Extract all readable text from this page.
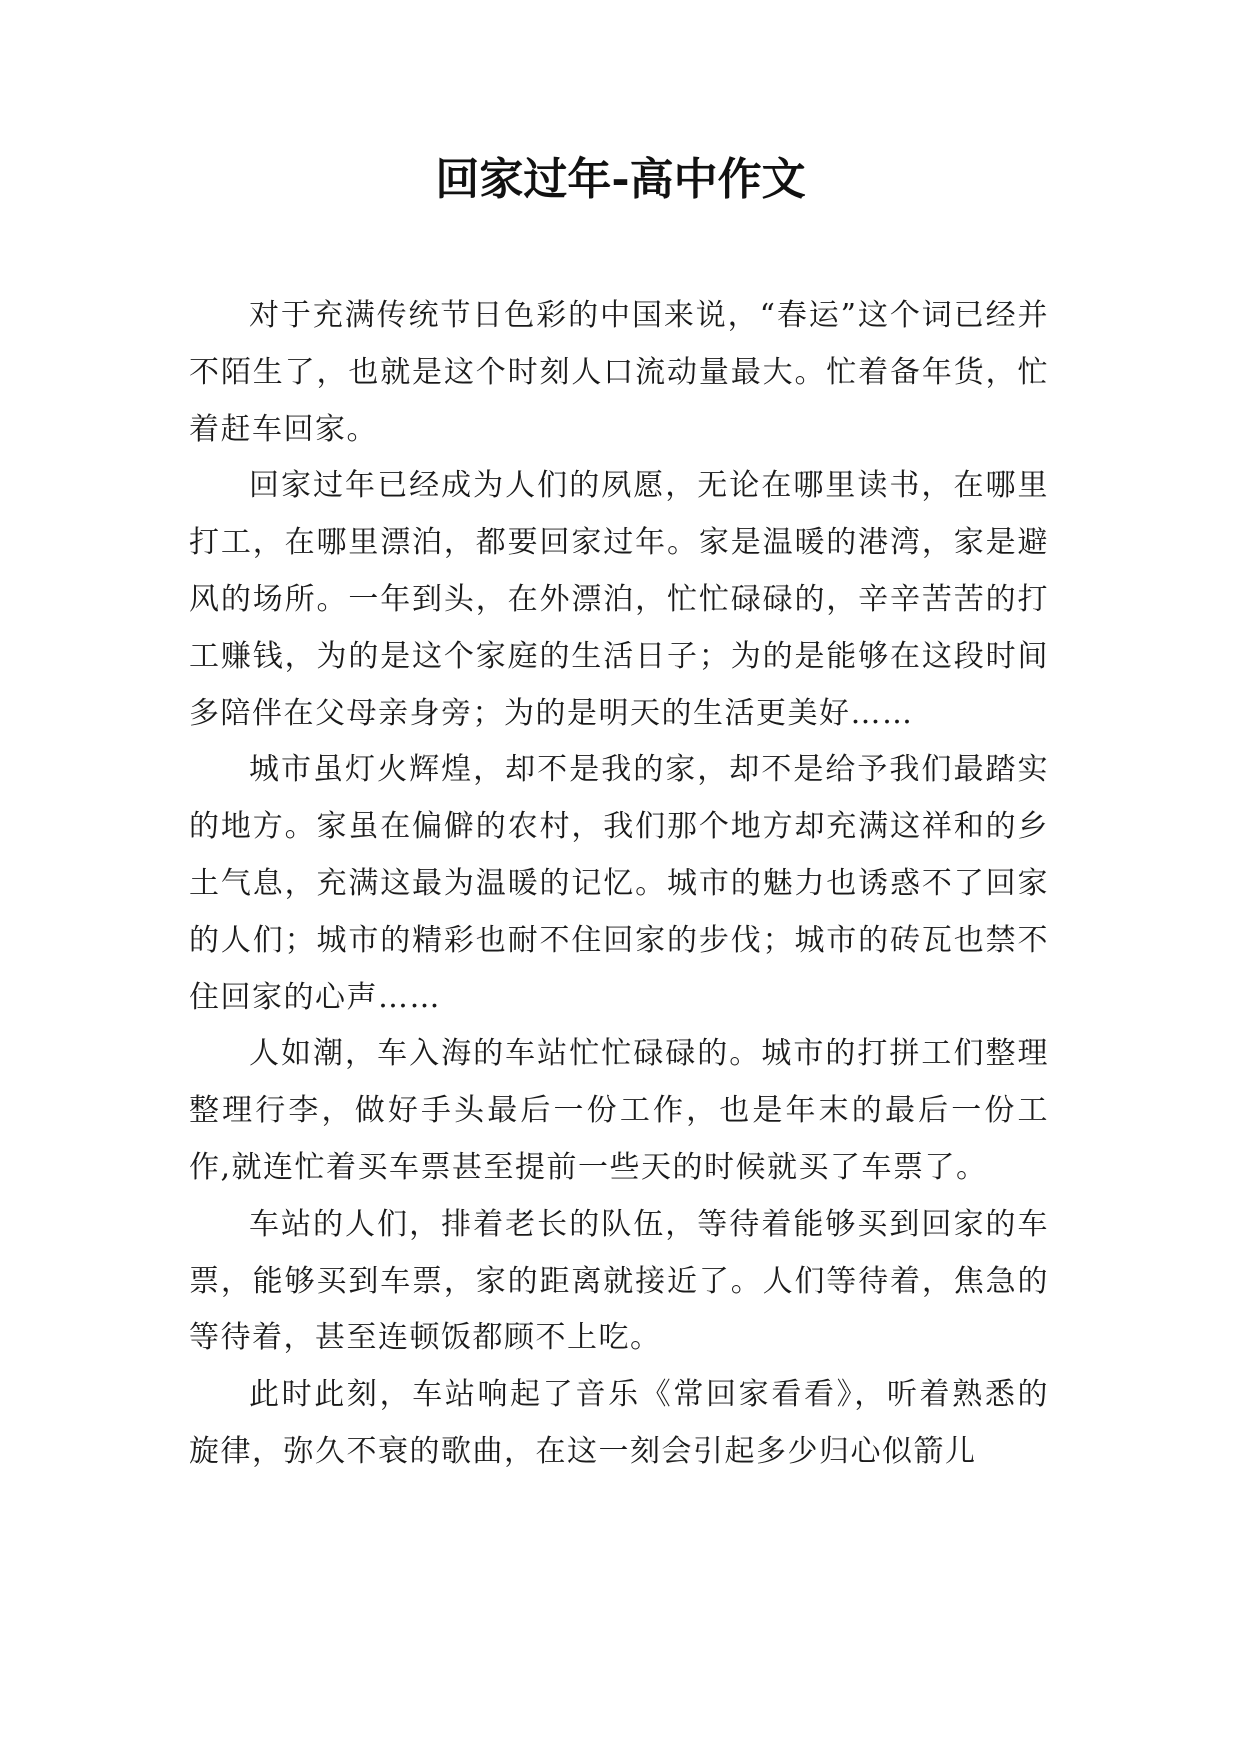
回家过年-高中作文

对于充满传统节日色彩的中国来说，“春运”这个词已经并不陌生了，也就是这个时刻人口流动量最大。忙着备年货，忙着赶车回家。

回家过年已经成为人们的夙愿，无论在哪里读书，在哪里打工，在哪里漂泊，都要回家过年。家是温暖的港湾，家是避风的场所。一年到头，在外漂泊，忙忙碌碌的，辛辛苦苦的打工赚钱，为的是这个家庭的生活日子；为的是能够在这段时间多陪伴在父母亲身旁；为的是明天的生活更美好……

城市虽灯火辉煌，却不是我的家，却不是给予我们最踏实的地方。家虽在偏僻的农村，我们那个地方却充满这祥和的乡土气息，充满这最为温暖的记忆。城市的魅力也诱惑不了回家的人们；城市的精彩也耐不住回家的步伐；城市的砖瓦也禁不住回家的心声……

人如潮，车入海的车站忙忙碌碌的。城市的打拼工们整理整理行李，做好手头最后一份工作，也是年末的最后一份工作,就连忙着买车票甚至提前一些天的时候就买了车票了。

车站的人们，排着老长的队伍，等待着能够买到回家的车票，能够买到车票，家的距离就接近了。人们等待着，焦急的等待着，甚至连顿饭都顾不上吃。

此时此刻，车站响起了音乐《常回家看看》，听着熟悉的旋律，弥久不衰的歌曲，在这一刻会引起多少归心似箭儿
